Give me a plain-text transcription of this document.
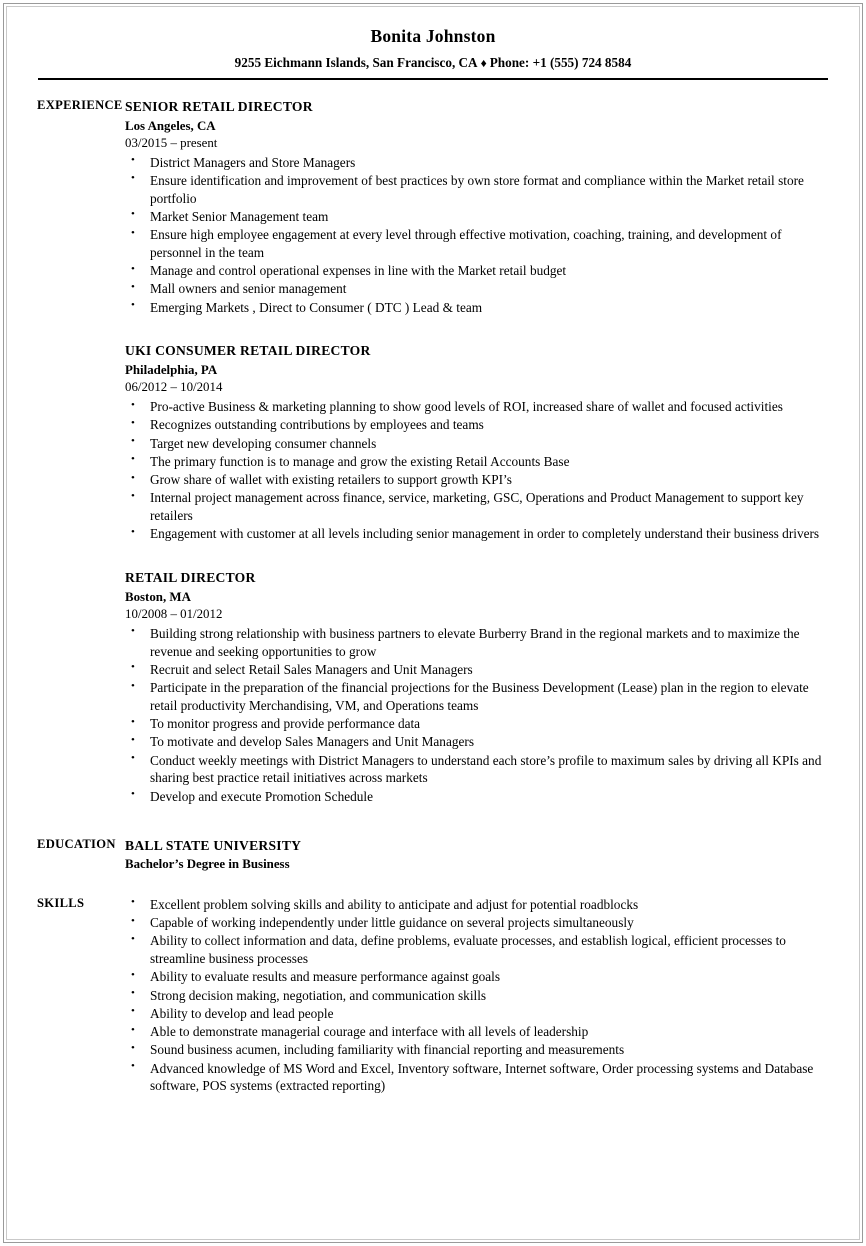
Bonita Johnston
9255 Eichmann Islands, San Francisco, CA ♦ Phone: +1 (555) 724 8584
EXPERIENCE SENIOR RETAIL DIRECTOR
Los Angeles, CA
03/2015 – present
• District Managers and Store Managers
• Ensure identification and improvement of best practices by own store format and compliance within the Market retail store portfolio
• Market Senior Management team
• Ensure high employee engagement at every level through effective motivation, coaching, training, and development of personnel in the team
• Manage and control operational expenses in line with the Market retail budget
• Mall owners and senior management
• Emerging Markets , Direct to Consumer ( DTC ) Lead & team
UKI CONSUMER RETAIL DIRECTOR
Philadelphia, PA
06/2012 – 10/2014
• Pro-active Business & marketing planning to show good levels of ROI, increased share of wallet and focused activities
• Recognizes outstanding contributions by employees and teams
• Target new developing consumer channels
• The primary function is to manage and grow the existing Retail Accounts Base
• Grow share of wallet with existing retailers to support growth KPI’s
• Internal project management across finance, service, marketing, GSC, Operations and Product Management to support key retailers
• Engagement with customer at all levels including senior management in order to completely understand their business drivers
RETAIL DIRECTOR
Boston, MA
10/2008 – 01/2012
• Building strong relationship with business partners to elevate Burberry Brand in the regional markets and to maximize the revenue and seeking opportunities to grow
• Recruit and select Retail Sales Managers and Unit Managers
• Participate in the preparation of the financial projections for the Business Development (Lease) plan in the region to elevate retail productivity Merchandising, VM, and Operations teams
• To monitor progress and provide performance data
• To motivate and develop Sales Managers and Unit Managers
• Conduct weekly meetings with District Managers to understand each store’s profile to maximum sales by driving all KPIs and sharing best practice retail initiatives across markets
• Develop and execute Promotion Schedule
EDUCATION BALL STATE UNIVERSITY
Bachelor’s Degree in Business
SKILLS	• Excellent problem solving skills and ability to anticipate and adjust for potential roadblocks
• Capable of working independently under little guidance on several projects simultaneously
• Ability to collect information and data, define problems, evaluate processes, and establish logical, efficient processes to streamline business processes
• Ability to evaluate results and measure performance against goals
• Strong decision making, negotiation, and communication skills
• Ability to develop and lead people
• Able to demonstrate managerial courage and interface with all levels of leadership
• Sound business acumen, including familiarity with financial reporting and measurements
• Advanced knowledge of MS Word and Excel, Inventory software, Internet software, Order processing systems and Database software, POS systems (extracted reporting)
